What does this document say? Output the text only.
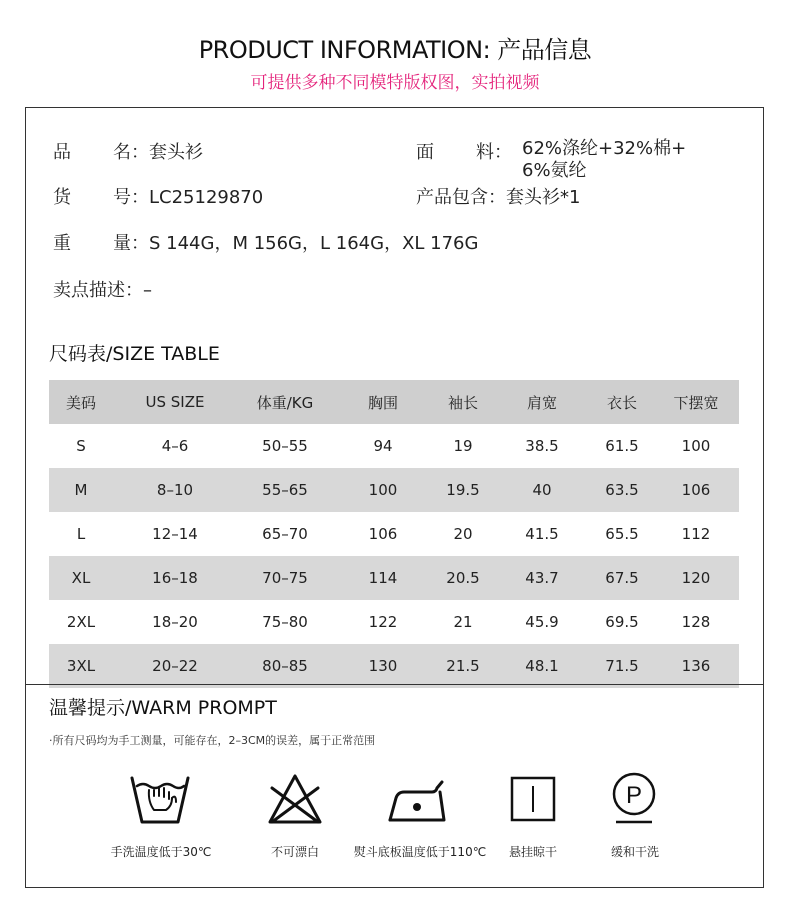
PRODUCT INFORMATION: 产品信息
可提供多种不同模特版权图，实拍视频
品 名：套头衫	面 料： 62%涤纶+32%棉+
6%氨纶
货 号：LC25129870	产品包含：套头衫*1
重 量：S 144G，M 156G，L 164G，XL 176G
卖点描述：–
尺码表/SIZE TABLE
美码	US SIZE	体重/KG	胸围	袖长	肩宽	衣长	下摆宽
S	4–6	50–55	94	19	38.5	61.5	100
M	8–10	55–65	100	19.5	40	63.5	106
L	12–14	65–70	106	20	41.5	65.5	112
XL	16–18	70–75	114	20.5	43.7	67.5	120
2XL	18–20	75–80	122	21	45.9	69.5	128
3XL	20–22	80–85	130	21.5	48.1	71.5	136
温馨提示/WARM PROMPT
·所有尺码均为手工测量，可能存在，2–3CM的误差，属于正常范围
P
手洗温度低于30℃	不可漂白	熨斗底板温度低于110℃	悬挂晾干	缓和干洗
